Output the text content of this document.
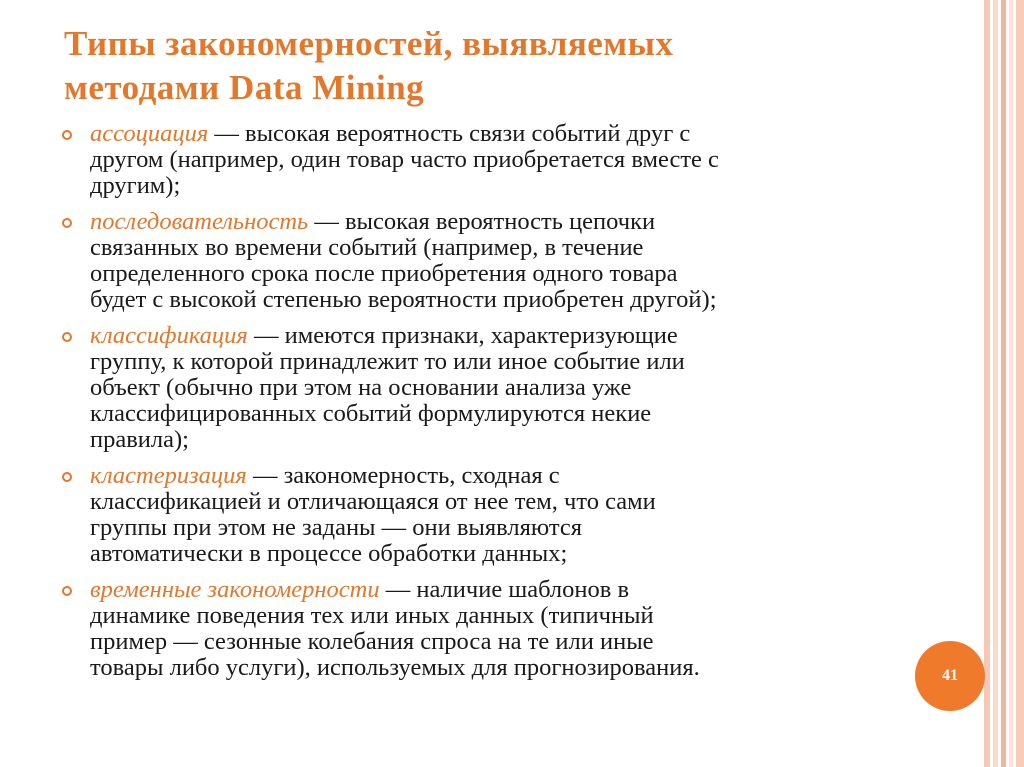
Типы закономерностей, выявляемых
методами Data Mining
ассоциация — высокая вероятность связи событий друг с
другом (например, один товар часто приобретается вместе с
другим);
последовательность — высокая вероятность цепочки
связанных во времени событий (например, в течение
определенного срока после приобретения одного товара
будет с высокой степенью вероятности приобретен другой);
классификация — имеются признаки, характеризующие
группу, к которой принадлежит то или иное событие или
объект (обычно при этом на основании анализа уже
классифицированных событий формулируются некие
правила);
кластеризация — закономерность, сходная с
классификацией и отличающаяся от нее тем, что сами
группы при этом не заданы — они выявляются
автоматически в процессе обработки данных;
временные закономерности — наличие шаблонов в
динамике поведения тех или иных данных (типичный
пример — сезонные колебания спроса на те или иные
товары либо услуги), используемых для прогнозирования.	41
